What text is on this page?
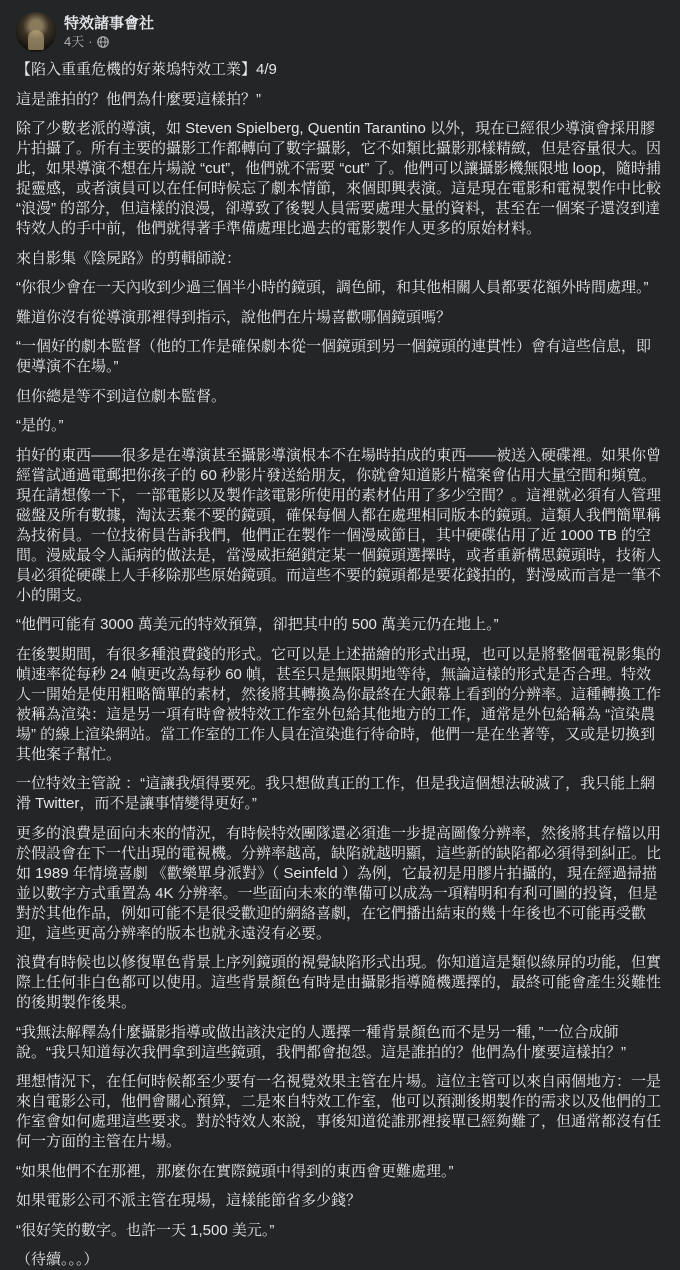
特效諸事會社
4天 ·

【陷入重重危機的好萊塢特效工業】4/9

這是誰拍的？他們為什麼要這樣拍？”

除了少數老派的導演，如 Steven Spielberg, Quentin Tarantino 以外，現在已經很少導演會採用膠片拍攝了。所有主要的攝影工作都轉向了數字攝影，它不如類比攝影那樣精緻，但是容量很大。因此，如果導演不想在片場說 “cut”，他們就不需要 “cut” 了。他們可以讓攝影機無限地 loop，隨時捕捉靈感，或者演員可以在任何時候忘了劇本情節，來個即興表演。這是現在電影和電視製作中比較 “浪漫” 的部分，但這樣的浪漫，卻導致了後製人員需要處理大量的資料，甚至在一個案子還沒到達特效人的手中前，他們就得著手準備處理比過去的電影製作人更多的原始材料。

來自影集《陰屍路》的剪輯師說：

“你很少會在一天內收到少過三個半小時的鏡頭，調色師，和其他相關人員都要花額外時間處理。”

難道你沒有從導演那裡得到指示，說他們在片場喜歡哪個鏡頭嗎？

“一個好的劇本監督（他的工作是確保劇本從一個鏡頭到另一個鏡頭的連貫性）會有這些信息，即便導演不在場。”

但你總是等不到這位劇本監督。

“是的。”

拍好的東西——很多是在導演甚至攝影導演根本不在場時拍成的東西——被送入硬碟裡。如果你曾經嘗試通過電郵把你孩子的 60 秒影片發送給朋友，你就會知道影片檔案會佔用大量空間和頻寬。現在請想像一下，一部電影以及製作該電影所使用的素材佔用了多少空間？。這裡就必須有人管理磁盤及所有數據，淘汰丟棄不要的鏡頭，確保每個人都在處理相同版本的鏡頭。這類人我們簡單稱為技術員。一位技術員告訴我們，他們正在製作一個漫威節目，其中硬碟佔用了近 1000 TB 的空間。漫威最令人詬病的做法是，當漫威拒絕鎖定某一個鏡頭選擇時，或者重新構思鏡頭時，技術人員必須從硬碟上人手移除那些原始鏡頭。而這些不要的鏡頭都是要花錢拍的，對漫威而言是一筆不小的開支。

“他們可能有 3000 萬美元的特效預算，卻把其中的 500 萬美元仍在地上。”

在後製期間，有很多種浪費錢的形式。它可以是上述描繪的形式出現，也可以是將整個電視影集的幀速率從每秒 24 幀更改為每秒 60 幀，甚至只是無限期地等待，無論這樣的形式是否合理。特效人一開始是使用粗略簡單的素材，然後將其轉換為你最終在大銀幕上看到的分辨率。這種轉換工作被稱為渲染：這是另一項有時會被特效工作室外包給其他地方的工作，通常是外包給稱為 “渲染農場” 的線上渲染網站。當工作室的工作人員在渲染進行待命時，他們一是在坐著等，又或是切換到其他案子幫忙。

一位特效主管說 ：“這讓我煩得要死。我只想做真正的工作，但是我這個想法破滅了，我只能上網滑 Twitter，而不是讓事情變得更好。”

更多的浪費是面向未來的情況，有時候特效團隊還必須進一步提高圖像分辨率，然後將其存檔以用於假設會在下一代出現的電視機。分辨率越高，缺陷就越明顯，這些新的缺陷都必須得到糾正。比如 1989 年情境喜劇 《歡樂單身派對》（ Seinfeld ）為例，它最初是用膠片拍攝的，現在經過掃描並以數字方式重置為 4K 分辨率。一些面向未來的準備可以成為一項精明和有利可圖的投資，但是對於其他作品，例如可能不是很受歡迎的網絡喜劇，在它們播出結束的幾十年後也不可能再受歡迎，這些更高分辨率的版本也就永遠沒有必要。

浪費有時候也以修復單色背景上序列鏡頭的視覺缺陷形式出現。你知道這是類似綠屏的功能，但實際上任何非白色都可以使用。這些背景顏色有時是由攝影指導隨機選擇的，最終可能會產生災難性的後期製作後果。

“我無法解釋為什麼攝影指導或做出該決定的人選擇一種背景顏色而不是另一種，”一位合成師說。“我只知道每次我們拿到這些鏡頭，我們都會抱怨。這是誰拍的？他們為什麼要這樣拍？”

理想情況下，在任何時候都至少要有一名視覺效果主管在片場。這位主管可以來自兩個地方：一是來自電影公司，他們會關心預算，二是來自特效工作室，他可以預測後期製作的需求以及他們的工作室會如何處理這些要求。對於特效人來說，事後知道從誰那裡接單已經夠難了，但通常都沒有任何一方面的主管在片場。

“如果他們不在那裡，那麼你在實際鏡頭中得到的東西會更難處理。”

如果電影公司不派主管在現場，這樣能節省多少錢？

“很好笑的數字。也許一天 1,500 美元。”

（待續。。。）
